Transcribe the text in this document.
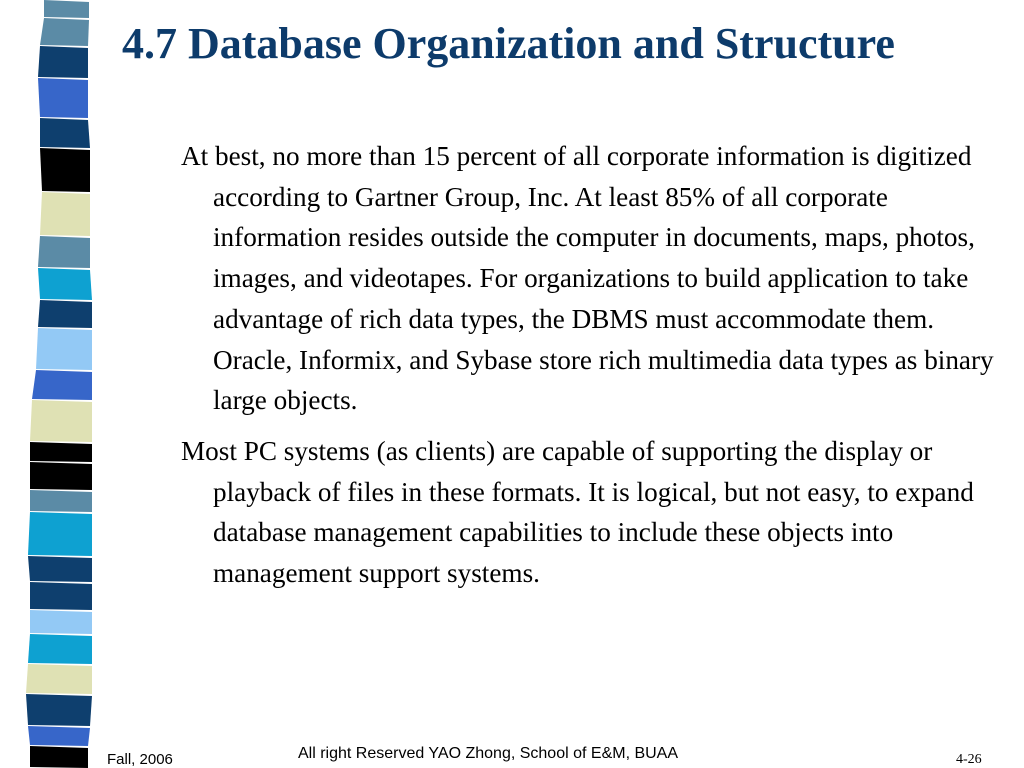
4.7 Database Organization and Structure

At best, no more than 15 percent of all corporate information is digitized according to Gartner Group, Inc. At least 85% of all corporate information resides outside the computer in documents, maps, photos, images, and videotapes. For organizations to build application to take advantage of rich data types, the DBMS must accommodate them. Oracle, Informix, and Sybase store rich multimedia data types as binary large objects.

Most PC systems (as clients) are capable of supporting the display or playback of files in these formats. It is logical, but not easy, to expand database management capabilities to include these objects into management support systems.

Fall, 2006	All right Reserved YAO Zhong, School of E&M, BUAA	4-26
